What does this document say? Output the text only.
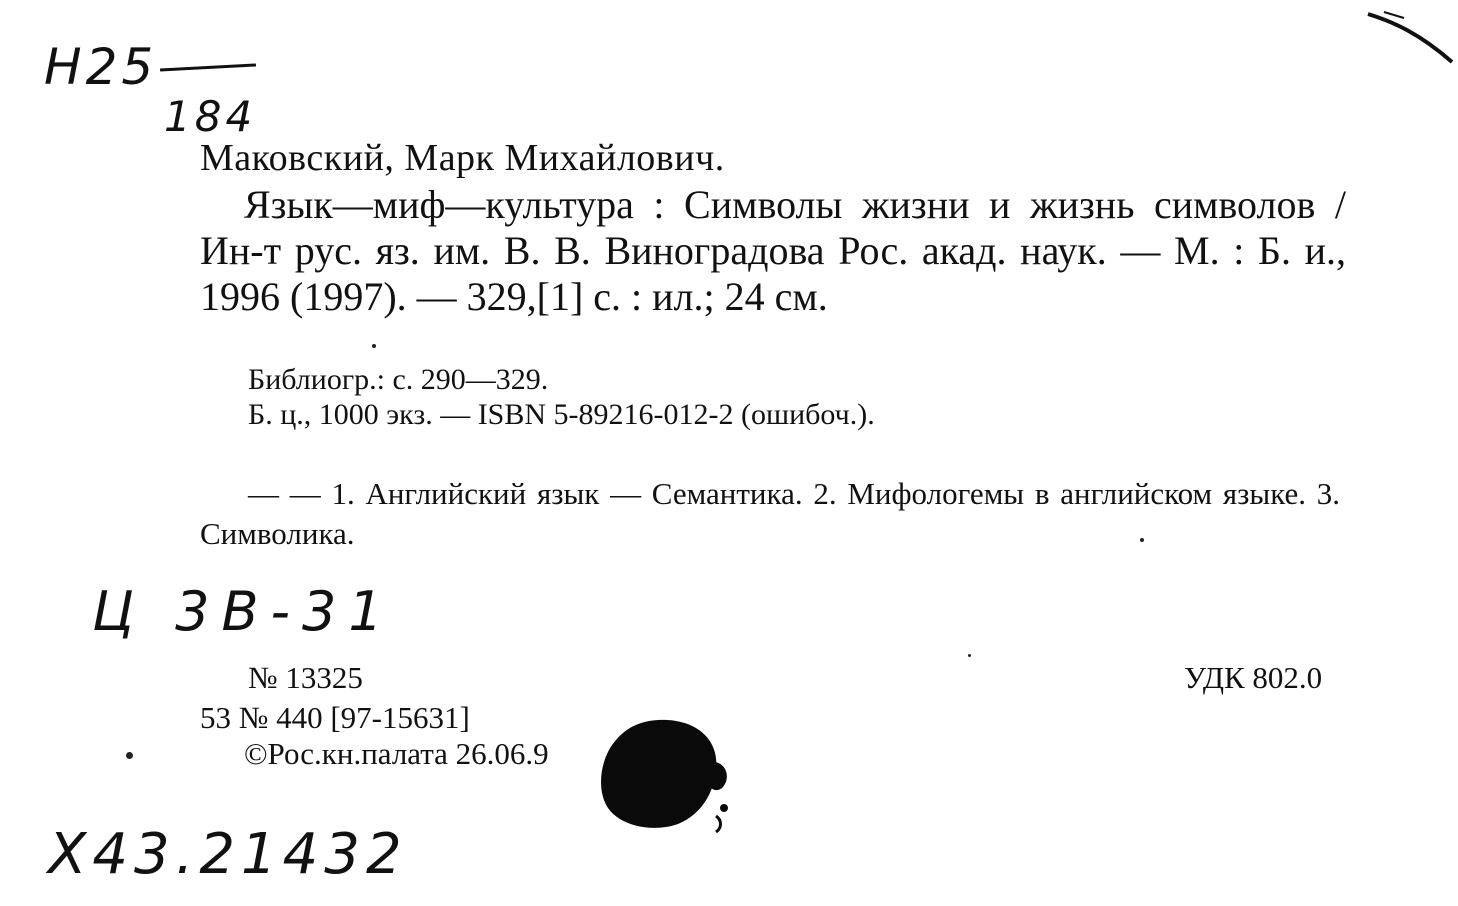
Н25
184
Маковский, Марк Михайлович.

Язык—миф—культура : Символы жизни и жизнь символов / Ин-т рус. яз. им. В. В. Виноградова Рос. акад. наук. — М. : Б. и., 1996 (1997). — 329,[1] с. : ил.; 24 см.

Библиогр.: с. 290—329.
Б. ц., 1000 экз. — ISBN 5-89216-012-2 (ошибоч.).

— — 1. Английский язык — Семантика. 2. Мифологемы в английском языке. 3. Символика.

Ц 3В-31
№ 13325	УДК 802.0
53 № 440 [97-15631]
©Рос.кн.палата 26.06.9
Х43.21432
